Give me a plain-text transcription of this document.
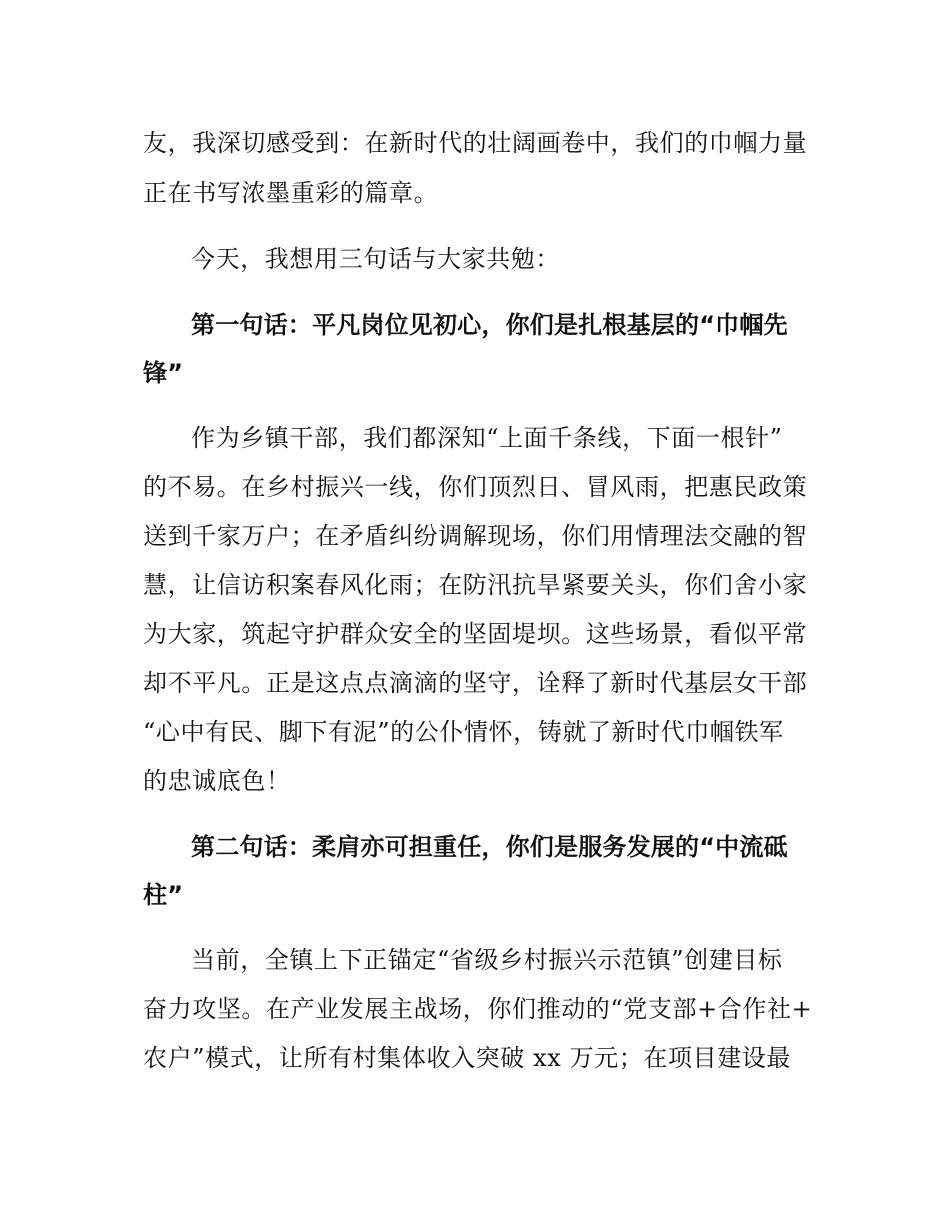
友，我深切感受到：在新时代的壮阔画卷中，我们的巾帼力量
正在书写浓墨重彩的篇章。
今天，我想用三句话与大家共勉：
第一句话：平凡岗位见初心，你们是扎根基层的“巾帼先
锋”
作为乡镇干部，我们都深知“上面千条线，下面一根针”
的不易。在乡村振兴一线，你们顶烈日、冒风雨，把惠民政策
送到千家万户；在矛盾纠纷调解现场，你们用情理法交融的智
慧，让信访积案春风化雨；在防汛抗旱紧要关头，你们舍小家
为大家，筑起守护群众安全的坚固堤坝。这些场景，看似平常
却不平凡。正是这点点滴滴的坚守，诠释了新时代基层女干部
“心中有民、脚下有泥”的公仆情怀，铸就了新时代巾帼铁军
的忠诚底色！
第二句话：柔肩亦可担重任，你们是服务发展的“中流砥
柱”
当前，全镇上下正锚定“省级乡村振兴示范镇”创建目标
奋力攻坚。在产业发展主战场，你们推动的“党支部+合作社+
农户”模式，让所有村集体收入突破 xx 万元；在项目建设最
